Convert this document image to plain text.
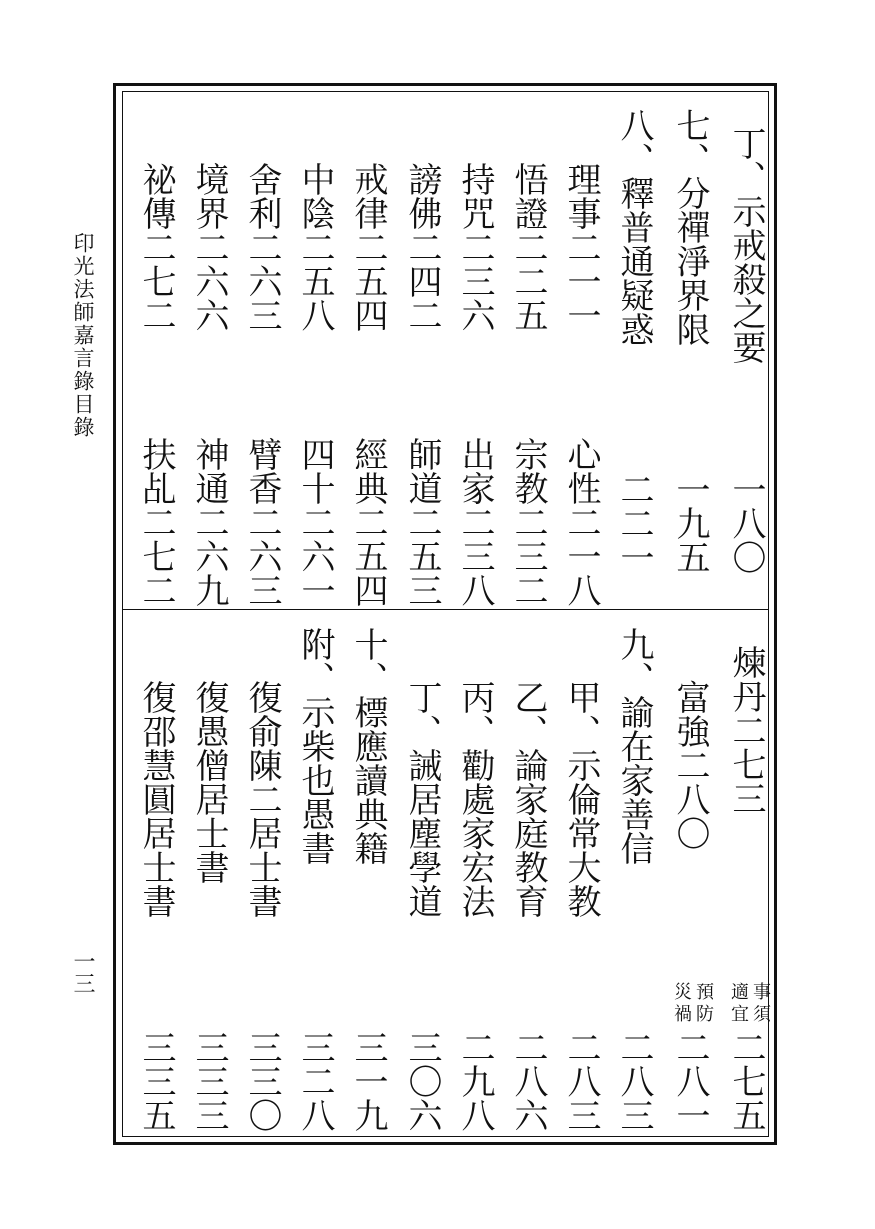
印光法師嘉言錄目錄
一三
丁、示戒殺之要
一八〇
七、分禪淨界限
一九五
八、釋普通疑惑
二二一
理事二一一
心性二一八
悟證二二五
宗教二三二
持咒二三六
出家二三八
謗佛二四二
師道二五三
戒律二五四
經典二五四
中陰二五八
四十二六一
舍利二六三
臂香二六三
境界二六六
神通二六九
祕傳二七二
扶乩二七二
煉丹二七三
事須
適宜
二七五
富強二八〇
預防
災禍
二八一
九、諭在家善信
二八三
甲、示倫常大教
二八三
乙、論家庭教育
二八六
丙、勸處家宏法
二九八
丁、誡居塵學道
三〇六
十、標應讀典籍
三一九
附、示柴也愚書
三二八
復俞陳二居士書
三三〇
復愚僧居士書
三三三
復邵慧圓居士書
三三五
